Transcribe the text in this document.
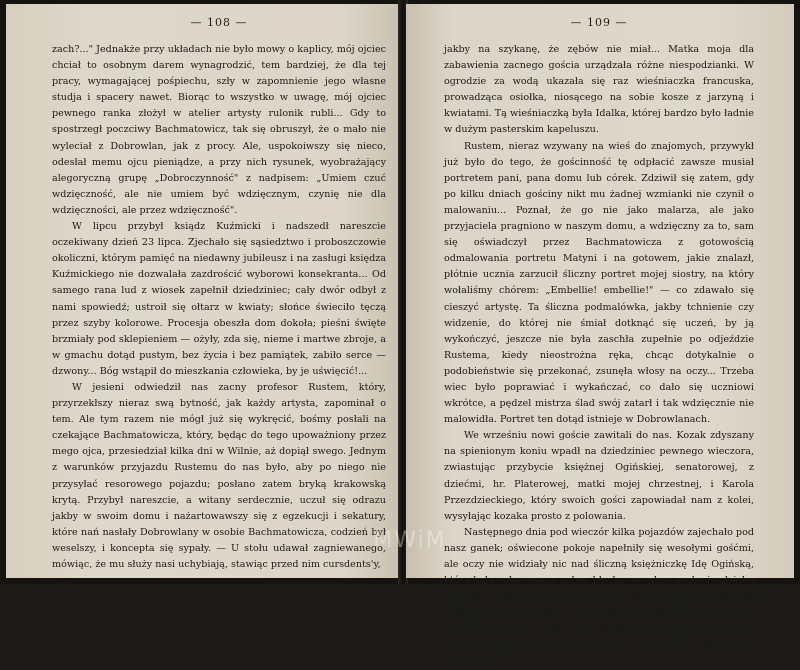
— 108 —

zach?..." Jednakże przy układach nie było mowy o kaplicy, mój ojciec chciał to osobnym darem wynagrodzić, tem bardziej, że dla tej pracy, wymagającej pośpiechu, szły w zapomnienie jego własne studja i spacery nawet. Biorąc to wszystko w uwagę, mój ojciec pewnego ranka złożył w atelier artysty rulonik rubli... Gdy to spostrzegł poczciwy Bachmatowicz, tak się obruszył, że o mało nie wyleciał z Dobrowlan, jak z procy. Ale, uspokoiwszy się nieco, odesłał memu ojcu pieniądze, a przy nich rysunek, wyobrażający alegoryczną grupę „Dobroczynność" z nadpisem: „Umiem czuć wdzięczność, ale nie umiem być wdzięcznym, czynię nie dla wdzięczności, ale przez wdzięczność".

W lipcu przybył ksiądz Kuźmicki i nadszedł nareszcie oczekiwany dzień 23 lipca. Zjechało się sąsiedztwo i proboszczowie okoliczni, którym pamięć na niedawny jubileusz i na zasługi księdza Kuźmickiego nie dozwalała zazdrościć wyborowi konsekranta... Od samego rana lud z wiosek zapełnił dziedziniec; cały dwór odbył z nami spowiedź; ustroił się ołtarz w kwiaty; słońce świeciło tęczą przez szyby kolorowe. Procesja obeszła dom dokoła; pieśni święte brzmiały pod sklepieniem — ożyły, zda się, nieme i martwe zbroje, a w gmachu dotąd pustym, bez życia i bez pamiątek, zabiło serce — dzwony... Bóg wstąpił do mieszkania człowieka, by je uświęcić!...

W jesieni odwiedził nas zacny profesor Rustem, który, przyrzekłszy nieraz swą bytność, jak każdy artysta, zapominał o tem. Ale tym razem nie mógł już się wykręcić, bośmy posłali na czekające Bachmatowicza, który, będąc do tego upoważniony przez mego ojca, przesiedział kilka dni w Wilnie, aż dopiął swego. Jednym z warunków przyjazdu Rustemu do nas było, aby po niego nie przysyłać resorowego pojazdu; posłano zatem bryką krakowską krytą. Przybył nareszcie, a witany serdecznie, uczuł się odrazu jakby w swoim domu i nażartowawszy się z egzekucji i sekatury, które nań nasłały Dobrowlany w osobie Bachmatowicza, codzień był weselszy, i koncepta się sypały. — U stołu udawał zagniewanego, mówiąc, że mu służy nasi uchybiają, stawiąc przed nim cursdents'y,

— 109 —

jakby na szykanę, że zębów nie miał... Matka moja dla zabawienia zacnego gościa urządzała różne niespodzianki. W ogrodzie za wodą ukazała się raz wieśniaczka francuska, prowadząca osiołka, niosącego na sobie kosze z jarzyną i kwiatami. Tą wieśniaczką była Idalka, której bardzo było ładnie w dużym pasterskim kapeluszu.

Rustem, nieraz wzywany na wieś do znajomych, przywykł już było do tego, że gościnność tę odpłacić zawsze musiał portretem pani, pana domu lub córek. Zdziwił się zatem, gdy po kilku dniach gościny nikt mu żadnej wzmianki nie czynił o malowaniu... Poznał, że go nie jako malarza, ale jako przyjaciela pragniono w naszym domu, a wdzięczny za to, sam się oświadczył przez Bachmatowicza z gotowością odmalowania portretu Matyni i na gotowem, jakie znalazł, płótnie ucznia zarzucił śliczny portret mojej siostry, na który wołaliśmy chórem: „Embellie! embellie!" — co zdawało się cieszyć artystę. Ta śliczna podmalówka, jakby tchnienie czy widzenie, do której nie śmiał dotknąć się uczeń, by ją wykończyć, jeszcze nie była zaschła zupełnie po odjeździe Rustema, kiedy nieostrożna ręka, chcąc dotykalnie o podobieństwie się przekonać, zsunęła włosy na oczy... Trzeba wiec było poprawiać i wykańczać, co dało się uczniowi wkrótce, a pędzel mistrza ślad swój zatarł i tak wdzięcznie nie malowidła. Portret ten dotąd istnieje w Dobrowlanach.

We wrześniu nowi goście zawitali do nas. Kozak zdyszany na spienionym koniu wpadł na dziedziniec pewnego wieczora, zwiastując przybycie księżnej Ogińskiej, senatorowej, z dziećmi, hr. Platerowej, matki mojej chrzestnej, i Karola Przezdzieckiego, który swoich gości zapowiadał nam z kolei, wysyłając kozaka prosto z polowania.

Następnego dnia pod wieczór kilka pojazdów zajechało pod nasz ganek; oświecone pokoje napełniły się wesołymi gośćmi, ale oczy nie widziały nic nad śliczną księżniczkę Idę Ogińską, która była nalenczas w całym blasku, w całym uroku i wdzięku była swych ośmnastu wiosen; czarne ognisto jej oczy, uśmiech wesoły, postawa, akcent mowy, pieć, jednem słowem wszystko w niej cechowało Włoszkę; a zakochana w niej nasza Idalka chciała, by ją odtąd nazywano Idą. Kilka dni zeszło nam wyborne.

MWiM
